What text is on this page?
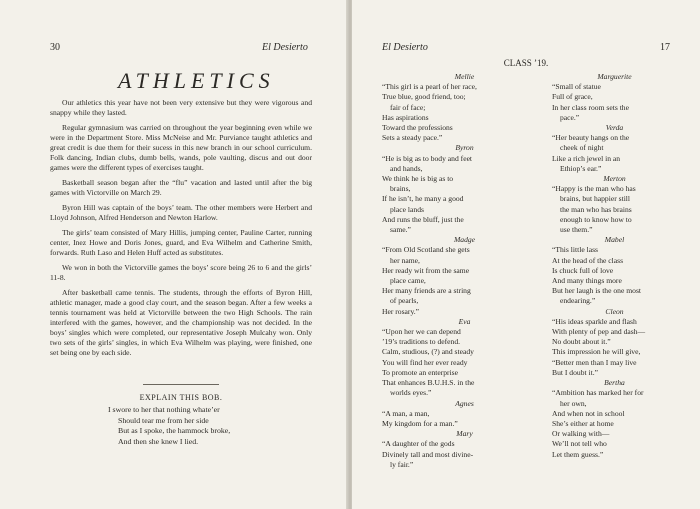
30	El Desierto
ATHLETICS

Our athletics this year have not been very extensive but they were vigorous and snappy while they lasted.

Regular gymnasium was carried on throughout the year beginning even while we were in the Department Store. Miss McNeise and Mr. Purviance taught athletics and great credit is due them for their sucess in this new branch in our school curriculum. Folk dancing, Indian clubs, dumb bells, wands, pole vaulting, discus and out door games were the different types of exercises taught.

Basketball season began after the “flu” vacation and lasted until after the big games with Victorville on March 29.

Byron Hill was captain of the boys’ team. The other members were Herbert and Lloyd Johnson, Alfred Henderson and Newton Harlow.

The girls’ team consisted of Mary Hillis, jumping center, Pauline Carter, running center, Inez Howe and Doris Jones, guard, and Eva Wilhelm and Catherine Smith, forwards. Ruth Laso and Helen Huff acted as substitutes.

We won in both the Victorville games the boys’ score being 26 to 6 and the girls’ 11-8.

After basketball came tennis. The students, through the efforts of Byron Hill, athletic manager, made a good clay court, and the season began. After a few weeks a tennis tournament was held at Victorville between the two High Schools. The rain interfered with the games, however, and the championship was not decided. In the boys’ singles which were completed, our representative Joseph Mulcahy won. Only two sets of the girls’ singles, in which Eva Wilhelm was playing, were finished, one set being one by each side.

EXPLAIN THIS BOB.
I swore to her that nothing whate’er
Should tear me from her side
But as I spoke, the hammock broke,
And then she knew I lied.
El Desierto	17
CLASS ’19.
Mellie
“This girl is a pearl of her race,
True blue, good friend, too;
fair of face;
Has aspirations
Toward the professions
Sets a steady pace.”
Byron
“He is big as to body and feet
and hands,
We think he is big as to
brains,
If he isn’t, he many a good
place lands
And runs the bluff, just the
same.”
Madge
“From Old Scotland she gets
her name,
Her ready wit from the same
place came,
Her many friends are a string
of pearls,
Her rosary.”
Eva
“Upon her we can depend
’19’s traditions to defend.
Calm, studious, (?) and steady
You will find her ever ready
To promote an enterprise
That enhances B.U.H.S. in the
worlds eyes.”
Agnes
“A man, a man,
My kingdom for a man.”
Mary
“A daughter of the gods
Divinely tall and most divine-
ly fair.”
Marguerite
“Small of statue
Full of grace,
In her class room sets the
pace.”
Verda
“Her beauty hangs on the
cheek of night
Like a rich jewel in an
Ethiop’s ear.”
Merton
“Happy is the man who has
brains, but happier still
the man who has brains
enough to know how to
use them.”
Mabel
“This little lass
At the head of the class
Is chuck full of love
And many things more
But her laugh is the one most
endearing.”
Cleon
“His ideas sparkle and flash
With plenty of pep and dash—
No doubt about it.”
This impression he will give,
“Better men than I may live
But I doubt it.”
Bertha
“Ambition has marked her for
her own,
And when not in school
She’s either at home
Or walking with—
We’ll not tell who
Let them guess.”
